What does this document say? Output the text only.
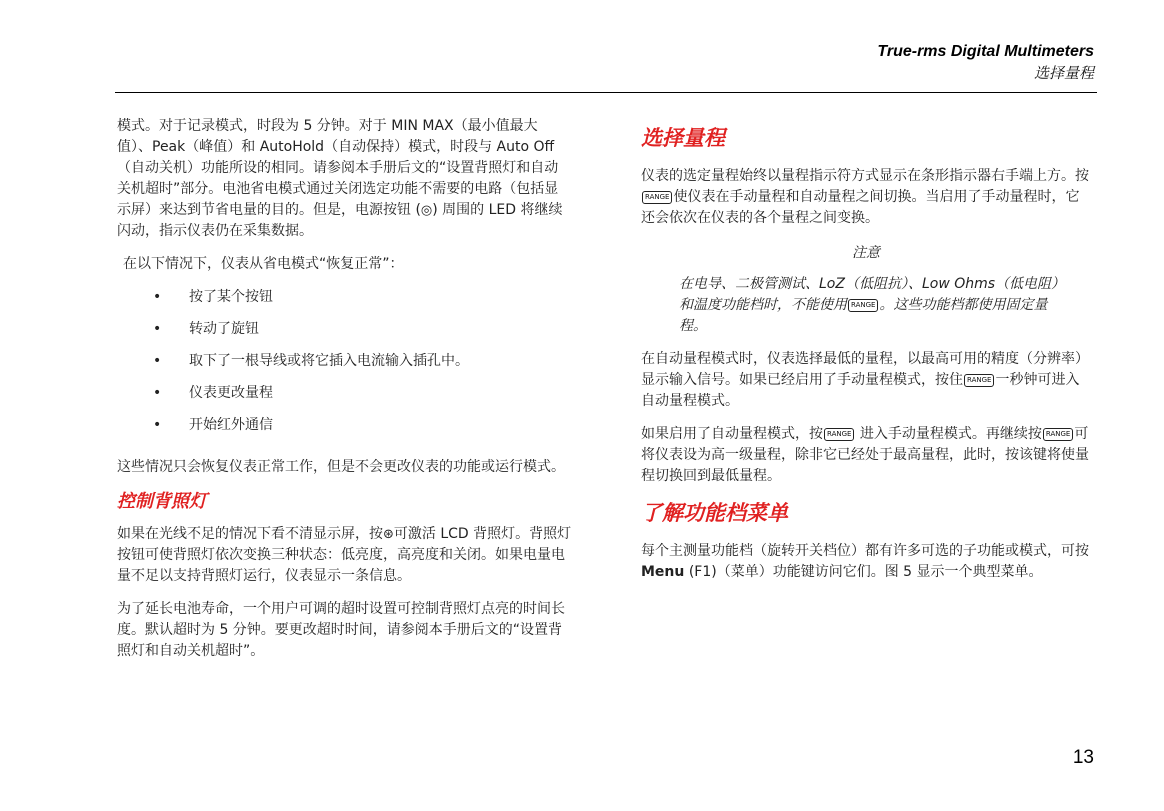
True-rms Digital Multimeters
选择量程

模式。对于记录模式，时段为 5 分钟。对于 MIN MAX（最小值最大值）、Peak（峰值）和 AutoHold（自动保持）模式，时段与 Auto Off（自动关机）功能所设的相同。请参阅本手册后文的“设置背照灯和自动关机超时”部分。电池省电模式通过关闭选定功能不需要的电路（包括显示屏）来达到节省电量的目的。但是，电源按钮 (◎) 周围的 LED 将继续闪动，指示仪表仍在采集数据。

在以下情况下，仪表从省电模式“恢复正常”：

• 按了某个按钮
• 转动了旋钮
• 取下了一根导线或将它插入电流输入插孔中。
• 仪表更改量程
• 开始红外通信

这些情况只会恢复仪表正常工作，但是不会更改仪表的功能或运行模式。

控制背照灯

如果在光线不足的情况下看不清显示屏，按⊛可激活 LCD 背照灯。背照灯按钮可使背照灯依次变换三种状态：低亮度，高亮度和关闭。如果电量电量不足以支持背照灯运行，仪表显示一条信息。

为了延长电池寿命，一个用户可调的超时设置可控制背照灯点亮的时间长度。默认超时为 5 分钟。要更改超时时间，请参阅本手册后文的“设置背照灯和自动关机超时”。

选择量程

仪表的选定量程始终以量程指示符方式显示在条形指示器右手端上方。按RANGE 使仪表在手动量程和自动量程之间切换。当启用了手动量程时，它还会依次在仪表的各个量程之间变换。

注意

在电导、二极管测试、LoZ（低阻抗）、Low Ohms（低电阻）和温度功能档时，不能使用 RANGE 。这些功能档都使用固定量程。

在自动量程模式时，仪表选择最低的量程，以最高可用的精度（分辨率）显示输入信号。如果已经启用了手动量程模式，按住 RANGE 一秒钟可进入自动量程模式。

如果启用了自动量程模式，按 RANGE 进入手动量程模式。再继续按 RANGE 可将仪表设为高一级量程，除非它已经处于最高量程，此时，按该键将使量程切换回到最低量程。

了解功能档菜单

每个主测量功能档（旋转开关档位）都有许多可选的子功能或模式，可按 Menu (F1)（菜单）功能键访问它们。图 5 显示一个典型菜单。

13
